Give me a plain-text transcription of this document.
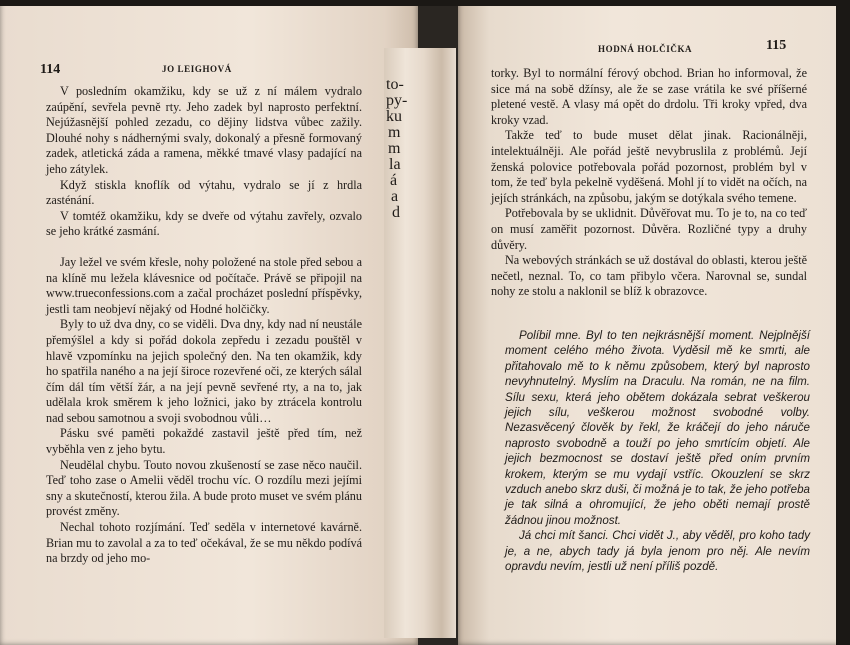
114	JO LEIGHOVÁ

V posledním okamžiku, kdy se už z ní málem vydralo zaúpění, sevřela pevně rty. Jeho zadek byl naprosto perfektní. Nejúžasnější pohled zezadu, co dějiny lidstva vůbec zažily. Dlouhé nohy s nádhernými svaly, dokonalý a přesně formovaný zadek, atletická záda a ramena, měkké tmavé vlasy padající na jeho zátylek.

Když stiskla knoflík od výtahu, vydralo se jí z hrdla zasténání.

V tomtéž okamžiku, kdy se dveře od výtahu zavřely, ozvalo se jeho krátké zasmání.

Jay ležel ve svém křesle, nohy položené na stole před sebou a na klíně mu ležela klávesnice od počítače. Právě se připojil na www.trueconfessions.com a začal procházet poslední příspěvky, jestli tam neobjeví nějaký od Hodné holčičky.

Byly to už dva dny, co se viděli. Dva dny, kdy nad ní neustále přemýšlel a kdy si pořád dokola zepředu i zezadu pouštěl v hlavě vzpomínku na jejich společný den. Na ten okamžik, kdy ho spatřila naného a na její široce rozevřené oči, ze kterých sálal čím dál tím větší žár, a na její pevně sevřené rty, a na to, jak udělala krok směrem k jeho ložnici, jako by ztrácela kontrolu nad sebou samotnou a svoji svobodnou vůli…

Pásku své paměti pokaždé zastavil ještě před tím, než vyběhla ven z jeho bytu.

Neudělal chybu. Touto novou zkušeností se zase něco naučil. Teď toho zase o Amelii věděl trochu víc. O rozdílu mezi jejími sny a skutečností, kterou žila. A bude proto muset ve svém plánu provést změny.

Nechal tohoto rozjímání. Teď seděla v internetové kavárně. Brian mu to zavolal a za to teď očekával, že se mu někdo podívá na brzdy od jeho mo-

to-
py-
ku
m
m
la
á
a
d
HODNÁ HOLČIČKA	115

torky. Byl to normální férový obchod. Brian ho informoval, že sice má na sobě džínsy, ale že se zase vrátila ke své příšerné pletené vestě. A vlasy má opět do drdolu. Tři kroky vpřed, dva kroky vzad.

Takže teď to bude muset dělat jinak. Racionálněji, intelektuálněji. Ale pořád ještě nevybruslila z problémů. Její ženská polovice potřebovala pořád pozornost, problém byl v tom, že teď byla pekelně vyděšená. Mohl jí to vidět na očích, na jejích stránkách, na způsobu, jakým se dotýkala svého temene.

Potřebovala by se uklidnit. Důvěřovat mu. To je to, na co teď on musí zaměřit pozornost. Důvěra. Rozličné typy a druhy důvěry.

Na webových stránkách se už dostával do oblasti, kterou ještě nečetl, neznal. To, co tam přibylo včera. Narovnal se, sundal nohy ze stolu a naklonil se blíž k obrazovce.

Políbil mne. Byl to ten nejkrásnější moment. Nejplnější moment celého mého života. Vyděsil mě ke smrti, ale přitahovalo mě to k němu způsobem, který byl naprosto nevyhnutelný. Myslím na Draculu. Na román, ne na film. Sílu sexu, která jeho obětem dokázala sebrat veškerou jejich sílu, veškerou možnost svobodné volby. Nezasvěcený člověk by řekl, že kráčejí do jeho náruče naprosto svobodně a touží po jeho smrtícím objetí. Ale jejich bezmocnost se dostaví ještě před oním prvním krokem, kterým se mu vydají vstříc. Okouzlení se skrz vzduch anebo skrz duši, či možná je to tak, že jeho potřeba je tak silná a ohromující, že jeho oběti nemají prostě žádnou jinou možnost.

Já chci mít šanci. Chci vidět J., aby věděl, pro koho tady je, a ne, abych tady já byla jenom pro něj. Ale nevím opravdu nevím, jestli už není příliš pozdě.
